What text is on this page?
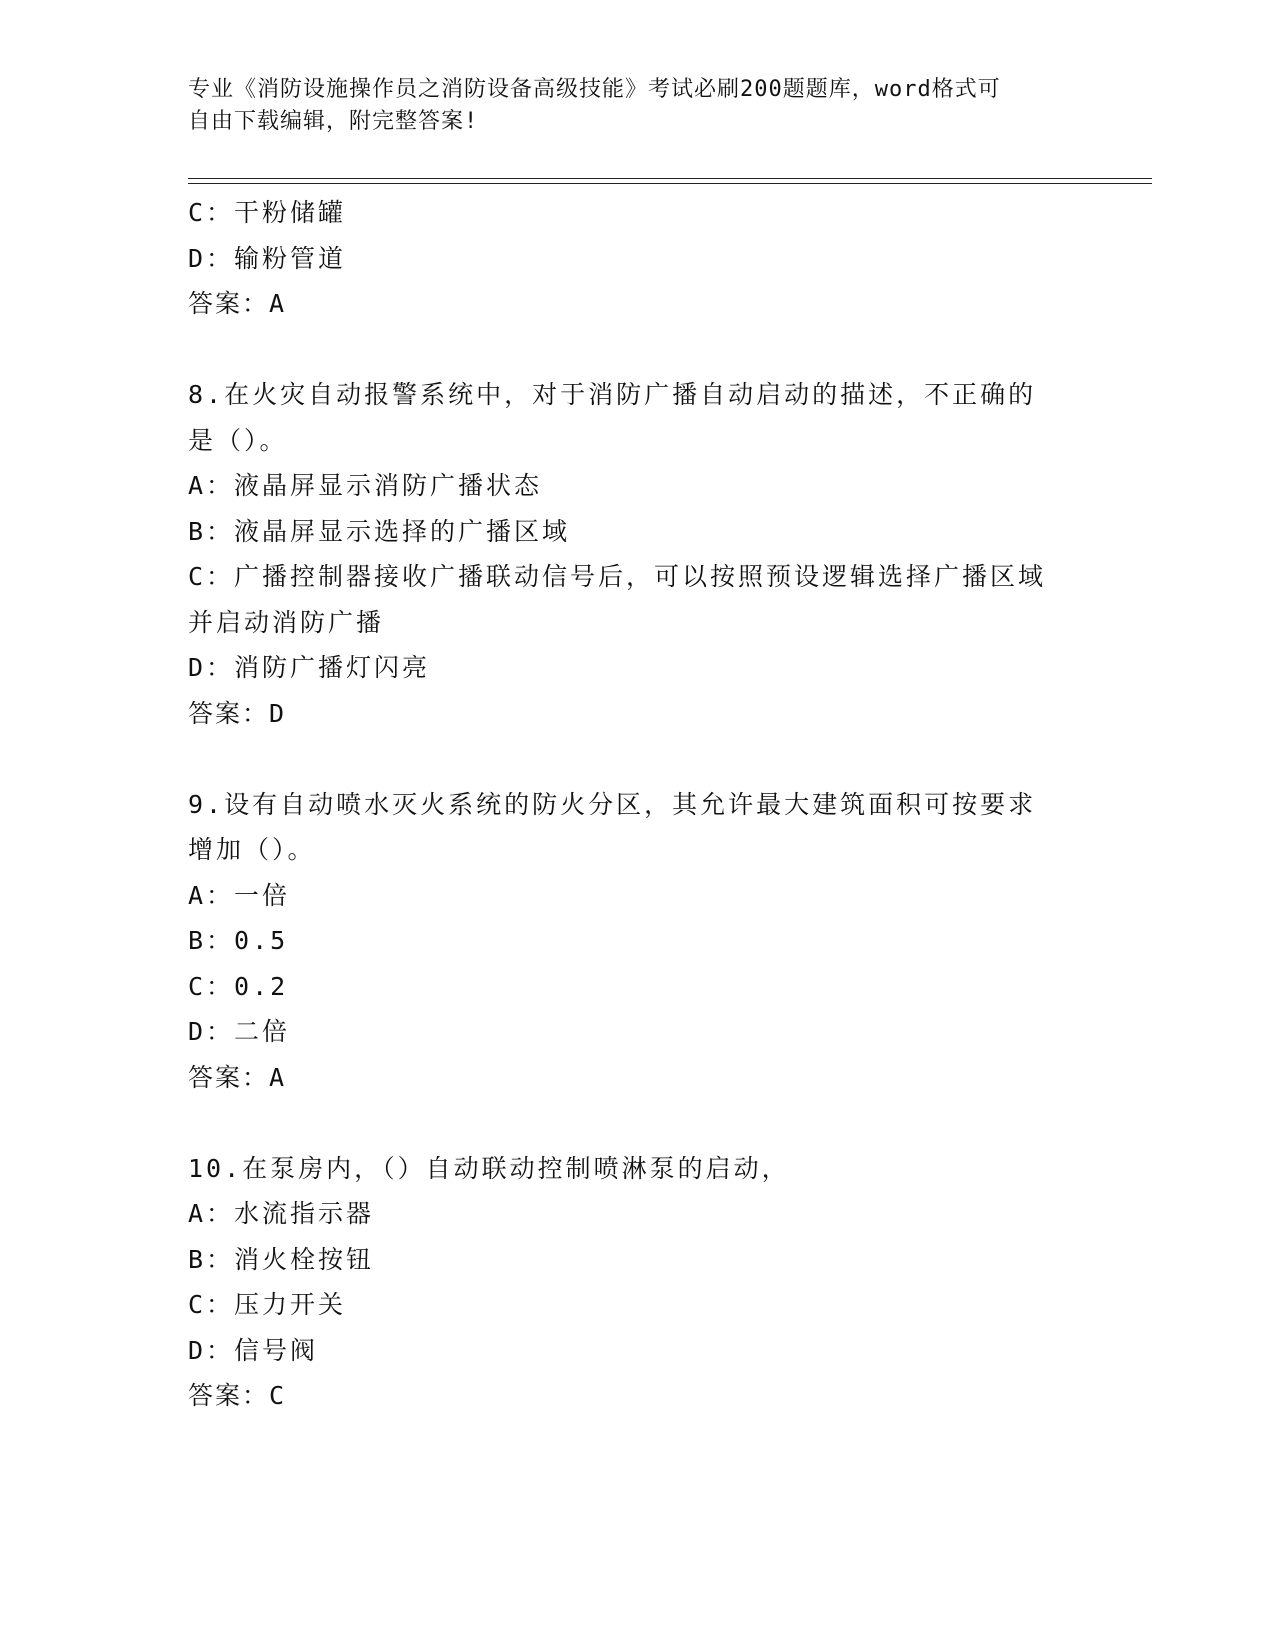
专业《消防设施操作员之消防设备高级技能》考试必刷200题题库，word格式可
自由下载编辑，附完整答案!
C：干粉储罐
D：输粉管道
答案：A
8.在火灾自动报警系统中，对于消防广播自动启动的描述，不正确的
是（）。
A：液晶屏显示消防广播状态
B：液晶屏显示选择的广播区域
C：广播控制器接收广播联动信号后，可以按照预设逻辑选择广播区域
并启动消防广播
D：消防广播灯闪亮
答案：D
9.设有自动喷水灭火系统的防火分区，其允许最大建筑面积可按要求
增加（）。
A：一倍
B：0.5
C：0.2
D：二倍
答案：A
10.在泵房内，（）自动联动控制喷淋泵的启动，
A：水流指示器
B：消火栓按钮
C：压力开关
D：信号阀
答案：C
